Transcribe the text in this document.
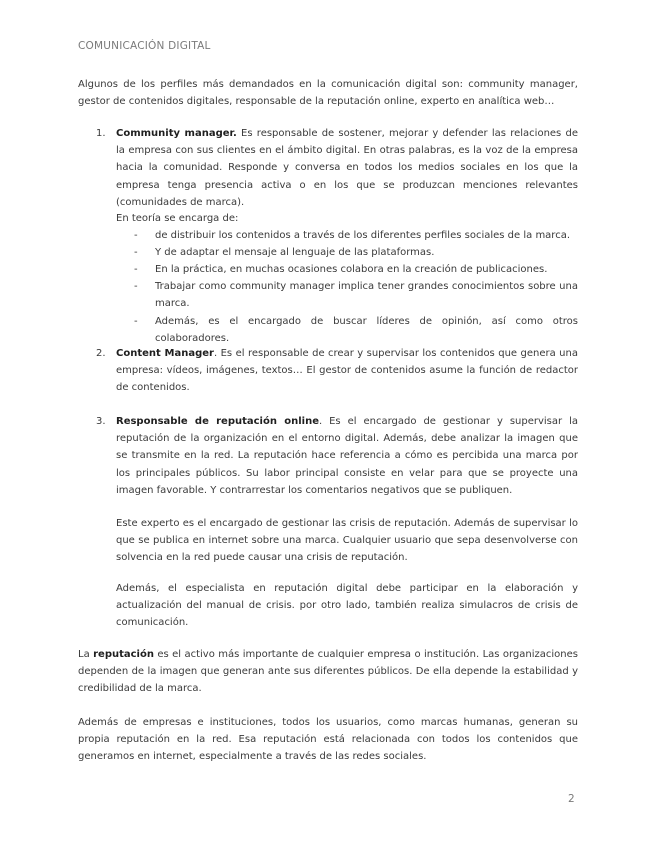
COMUNICACIÓN DIGITAL

Algunos de los perfiles más demandados en la comunicación digital son: community manager, gestor de contenidos digitales, responsable de la reputación online, experto en analítica web…

1. Community manager. Es responsable de sostener, mejorar y defender las relaciones de la empresa con sus clientes en el ámbito digital. En otras palabras, es la voz de la empresa hacia la comunidad. Responde y conversa en todos los medios sociales en los que la empresa tenga presencia activa o en los que se produzcan menciones relevantes (comunidades de marca).

En teoría se encarga de:

- de distribuir los contenidos a través de los diferentes perfiles sociales de la marca.

- Y de adaptar el mensaje al lenguaje de las plataformas.

- En la práctica, en muchas ocasiones colabora en la creación de publicaciones.

- Trabajar como community manager implica tener grandes conocimientos sobre una marca.

- Además, es el encargado de buscar líderes de opinión, así como otros colaboradores.

2. Content Manager. Es el responsable de crear y supervisar los contenidos que genera una empresa: vídeos, imágenes, textos… El gestor de contenidos asume la función de redactor de contenidos.

3. Responsable de reputación online. Es el encargado de gestionar y supervisar la reputación de la organización en el entorno digital. Además, debe analizar la imagen que se transmite en la red. La reputación hace referencia a cómo es percibida una marca por los principales públicos. Su labor principal consiste en velar para que se proyecte una imagen favorable. Y contrarrestar los comentarios negativos que se publiquen.

Este experto es el encargado de gestionar las crisis de reputación. Además de supervisar lo que se publica en internet sobre una marca. Cualquier usuario que sepa desenvolverse con solvencia en la red puede causar una crisis de reputación.

Además, el especialista en reputación digital debe participar en la elaboración y actualización del manual de crisis. por otro lado, también realiza simulacros de crisis de comunicación.

La reputación es el activo más importante de cualquier empresa o institución. Las organizaciones dependen de la imagen que generan ante sus diferentes públicos. De ella depende la estabilidad y credibilidad de la marca.

Además de empresas e instituciones, todos los usuarios, como marcas humanas, generan su propia reputación en la red. Esa reputación está relacionada con todos los contenidos que generamos en internet, especialmente a través de las redes sociales.

2
